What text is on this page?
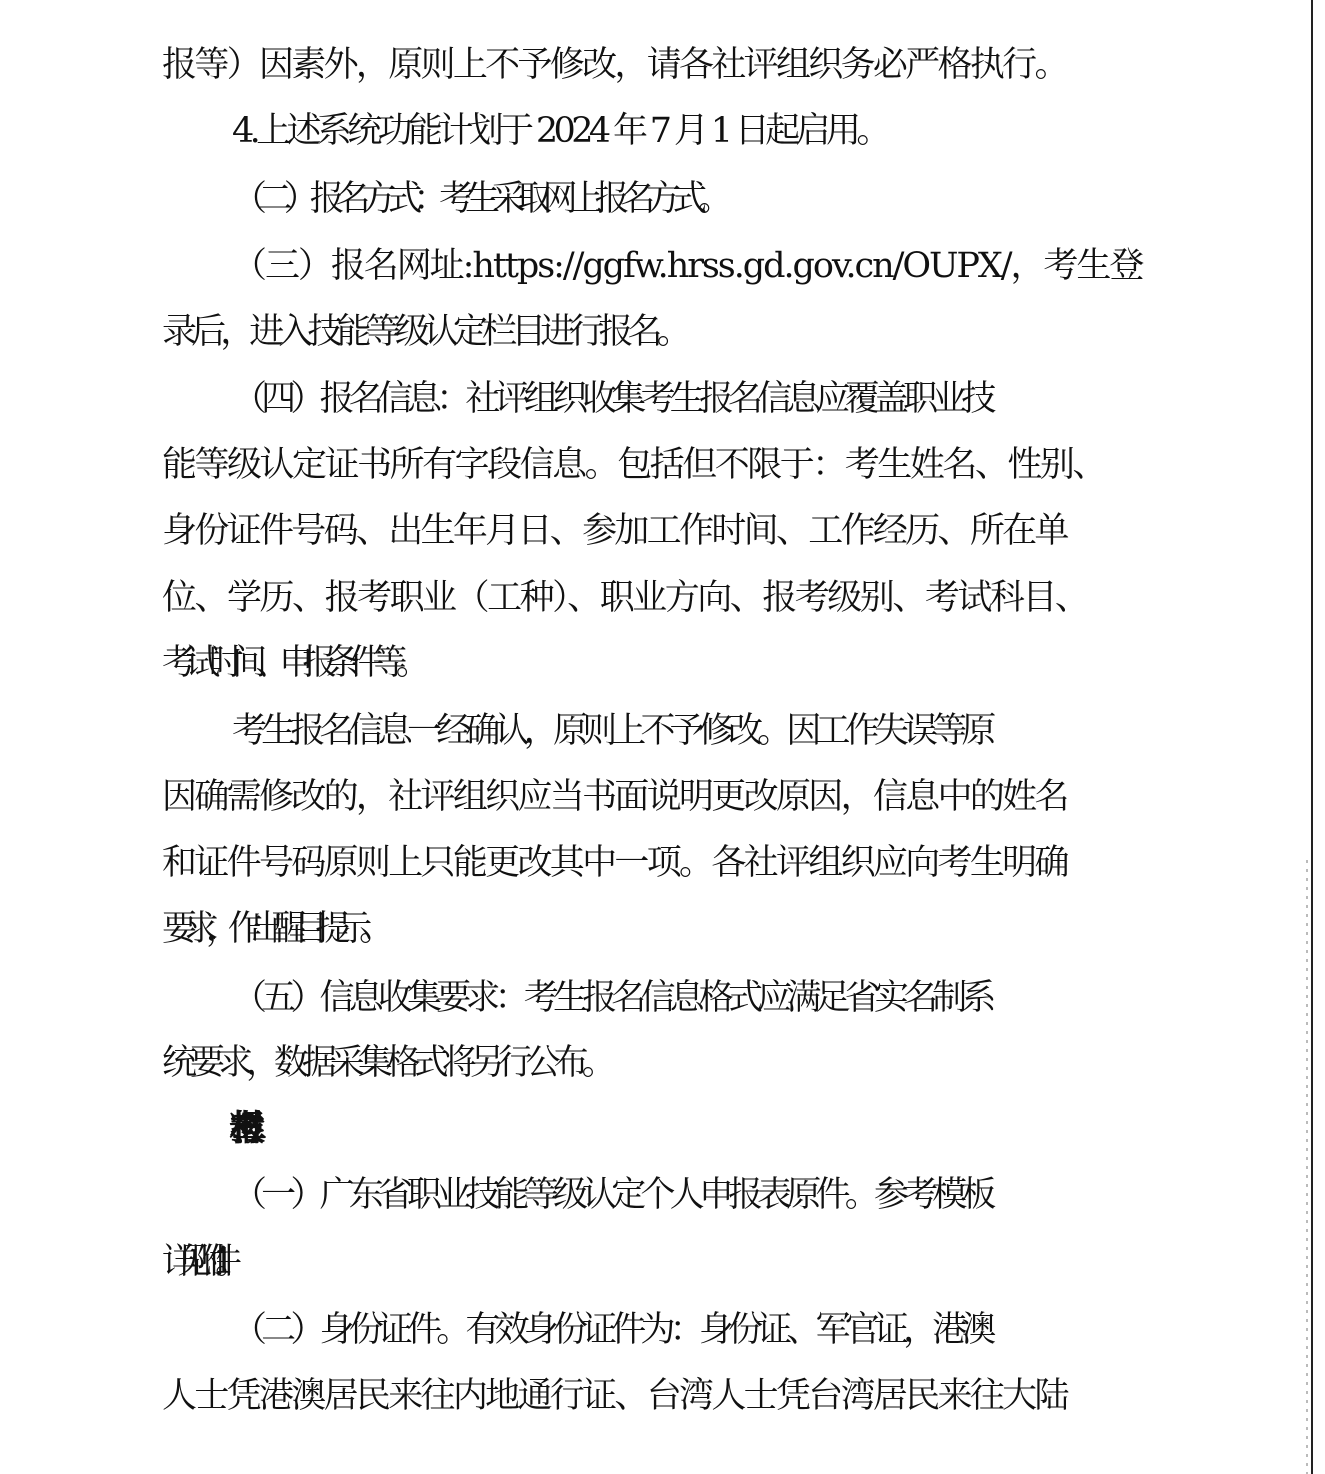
报等）因素外，原则上不予修改，请各社评组织务必严格执行。
4.上述系统功能计划于 2024 年 7 月 1 日起启用。
（二）报名方式：考生采取网上报名方式。
（三）报名网址:https://ggfw.hrss.gd.gov.cn/OUPX/，考生登
录后，进入技能等级认定栏目进行报名。
（四）报名信息：社评组织收集考生报名信息应覆盖职业技
能等级认定证书所有字段信息。包括但不限于：考生姓名、性别、
身份证件号码、出生年月日、参加工作时间、工作经历、所在单
位、学历、报考职业（工种）、职业方向、报考级别、考试科目、
考试时间、申报条件等。
考生报名信息一经确认，原则上不予修改。因工作失误等原
因确需修改的，社评组织应当书面说明更改原因，信息中的姓名
和证件号码原则上只能更改其中一项。各社评组织应向考生明确
要求，作出醒目提示。
（五）信息收集要求：考生报名信息格式应满足省实名制系
统要求，数据采集格式将另行公布。
（一）广东省职业技能等级认定个人申报表原件。参考模板
详见附件 1。
（二）身份证件。有效身份证件为：身份证、军官证，港澳
人士凭港澳居民来往内地通行证、台湾人士凭台湾居民来往大陆
